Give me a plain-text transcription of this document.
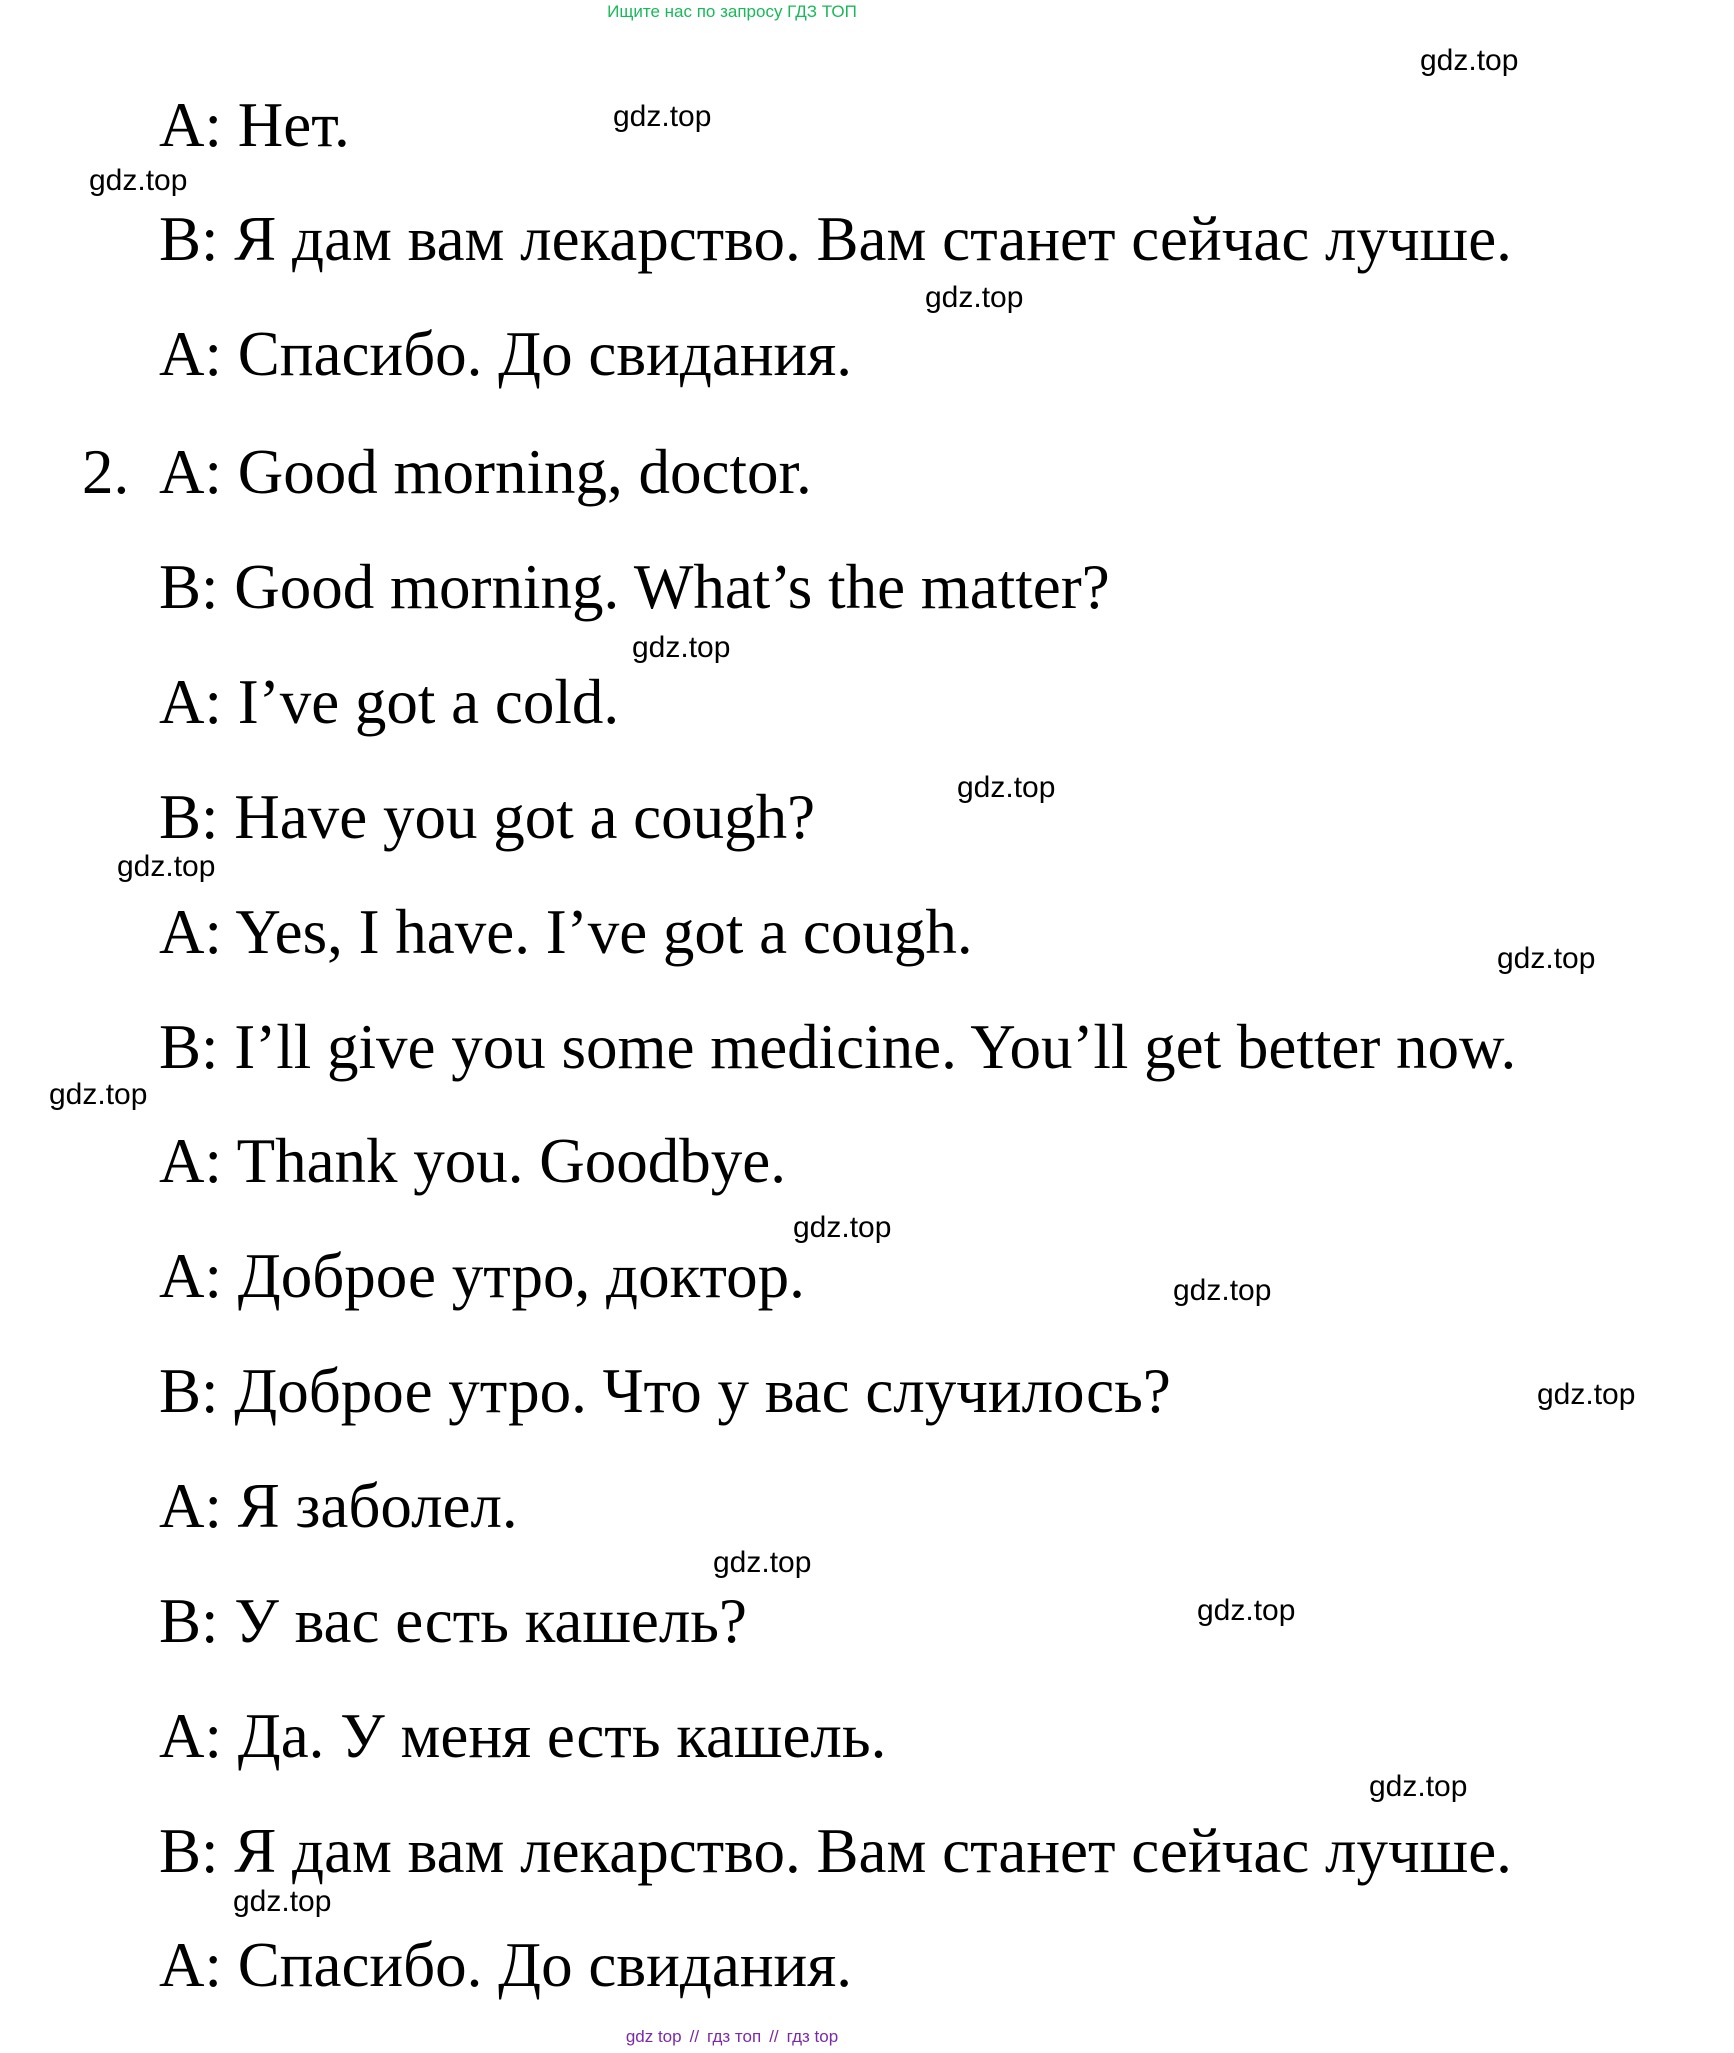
Ищите нас по запросу ГДЗ ТОП
2.
A: Нет.
B: Я дам вам лекарство. Вам станет сейчас лучше.
A: Спасибо. До свидания.
A: Good morning, doctor.
B: Good morning. What’s the matter?
A: I’ve got a cold.
B: Have you got a cough?
A: Yes, I have. I’ve got a cough.
B: I’ll give you some medicine. You’ll get better now.
A: Thank you. Goodbye.
A: Доброе утро, доктор.
B: Доброе утро. Что у вас случилось?
A: Я заболел.
B: У вас есть кашель?
A: Да. У меня есть кашель.
B: Я дам вам лекарство. Вам станет сейчас лучше.
A: Спасибо. До свидания.
gdz.top
gdz.top
gdz.top
gdz.top
gdz.top
gdz.top
gdz.top
gdz.top
gdz.top
gdz.top
gdz.top
gdz.top
gdz.top
gdz.top
gdz.top
gdz.top
gdz top // гдз топ // гдз top
